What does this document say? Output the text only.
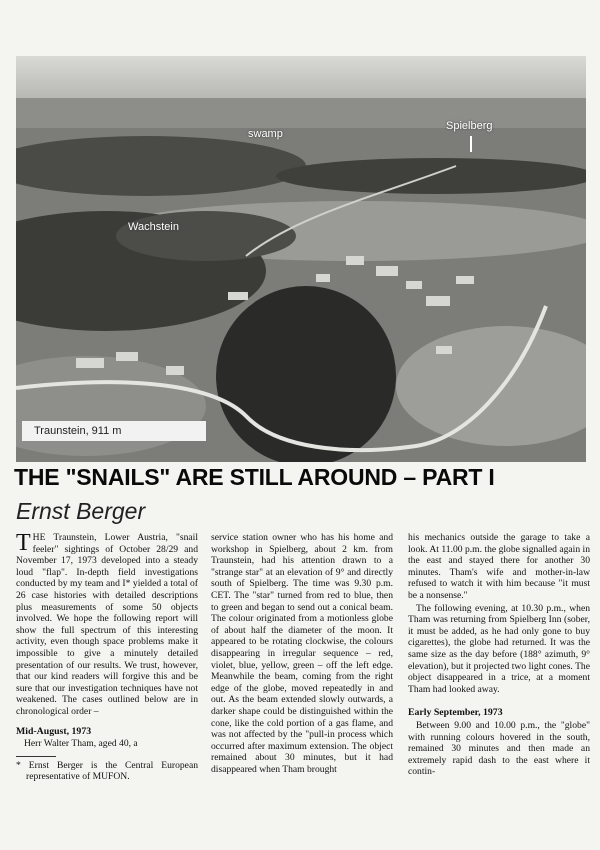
swamp
Spielberg
Wachstein
Traunstein, 911 m
THE "SNAILS" ARE STILL AROUND – PART I
Ernst Berger

THE Traunstein, Lower Austria, "snail feeler" sightings of October 28/29 and November 17, 1973 developed into a steady loud "flap". In-depth field investigations conducted by my team and I* yielded a total of 26 case histories with detailed descriptions plus measurements of some 50 objects involved. We hope the following report will show the full spectrum of this interesting activity, even though space problems make it impossible to give a minutely detailed presentation of our results. We trust, however, that our kind readers will forgive this and be sure that our investigation techniques have not weakened. The cases outlined below are in chronological order –

Mid-August, 1973

Herr Walter Tham, aged 40, a

* Ernst Berger is the Central European representative of MUFON.

service station owner who has his home and workshop in Spielberg, about 2 km. from Traunstein, had his attention drawn to a "strange star" at an elevation of 9° and directly south of Spielberg. The time was 9.30 p.m. CET. The "star" turned from red to blue, then to green and began to send out a conical beam. The colour originated from a motionless globe of about half the diameter of the moon. It appeared to be rotating clockwise, the colours disappearing in irregular sequence – red, violet, blue, yellow, green – off the left edge. Meanwhile the beam, coming from the right edge of the globe, moved repeatedly in and out. As the beam extended slowly outwards, a darker shape could be distinguished within the cone, like the cold portion of a gas flame, and was not affected by the "pull-in process which occurred after maximum extension. The object remained about 30 minutes, but it had disappeared when Tham brought

his mechanics outside the garage to take a look. At 11.00 p.m. the globe signalled again in the east and stayed there for another 30 minutes. Tham's wife and mother-in-law refused to watch it with him because "it must be a nonsense."

The following evening, at 10.30 p.m., when Tham was returning from Spielberg Inn (sober, it must be added, as he had only gone to buy cigarettes), the globe had returned. It was the same size as the day before (188° azimuth, 9° elevation), but it projected two light cones. The object disappeared in a trice, at a moment Tham had looked away.

Early September, 1973

Between 9.00 and 10.00 p.m., the "globe" with running colours hovered in the south, remained 30 minutes and then made an extremely rapid dash to the east where it contin-
